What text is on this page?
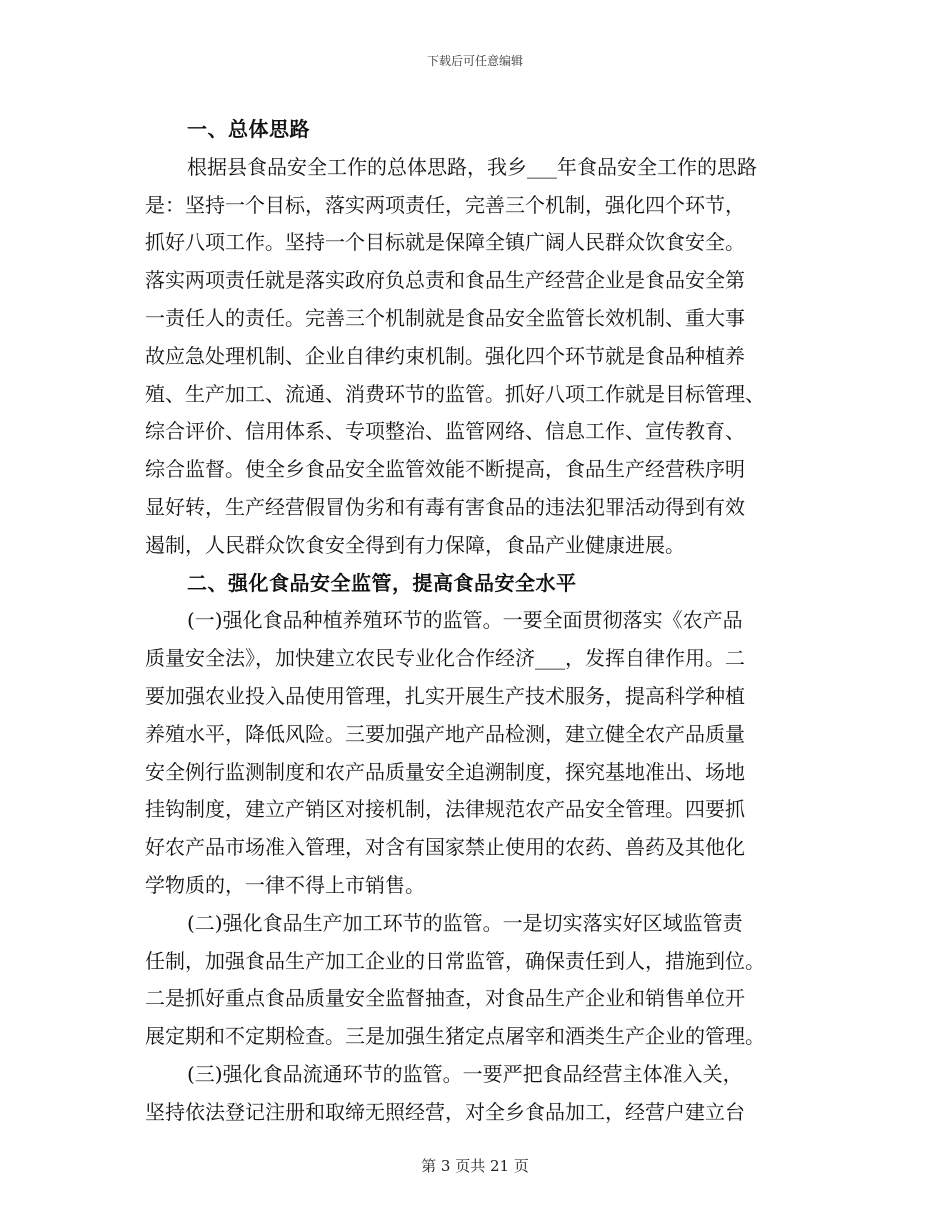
下载后可任意编辑
一、总体思路
根据县食品安全工作的总体思路，我乡___年食品安全工作的思路
是：坚持一个目标，落实两项责任，完善三个机制，强化四个环节，
抓好八项工作。坚持一个目标就是保障全镇广阔人民群众饮食安全。
落实两项责任就是落实政府负总责和食品生产经营企业是食品安全第
一责任人的责任。完善三个机制就是食品安全监管长效机制、重大事
故应急处理机制、企业自律约束机制。强化四个环节就是食品种植养
殖、生产加工、流通、消费环节的监管。抓好八项工作就是目标管理、
综合评价、信用体系、专项整治、监管网络、信息工作、宣传教育、
综合监督。使全乡食品安全监管效能不断提高，食品生产经营秩序明
显好转，生产经营假冒伪劣和有毒有害食品的违法犯罪活动得到有效
遏制，人民群众饮食安全得到有力保障，食品产业健康进展。
二、强化食品安全监管，提高食品安全水平
(一)强化食品种植养殖环节的监管。一要全面贯彻落实《农产品
质量安全法》，加快建立农民专业化合作经济___，发挥自律作用。二
要加强农业投入品使用管理，扎实开展生产技术服务，提高科学种植
养殖水平，降低风险。三要加强产地产品检测，建立健全农产品质量
安全例行监测制度和农产品质量安全追溯制度，探究基地准出、场地
挂钩制度，建立产销区对接机制，法律规范农产品安全管理。四要抓
好农产品市场准入管理，对含有国家禁止使用的农药、兽药及其他化
学物质的，一律不得上市销售。
(二)强化食品生产加工环节的监管。一是切实落实好区域监管责
任制，加强食品生产加工企业的日常监管，确保责任到人，措施到位。
二是抓好重点食品质量安全监督抽查，对食品生产企业和销售单位开
展定期和不定期检查。三是加强生猪定点屠宰和酒类生产企业的管理。
(三)强化食品流通环节的监管。一要严把食品经营主体准入关，
坚持依法登记注册和取缔无照经营，对全乡食品加工，经营户建立台
第 3 页共 21 页
